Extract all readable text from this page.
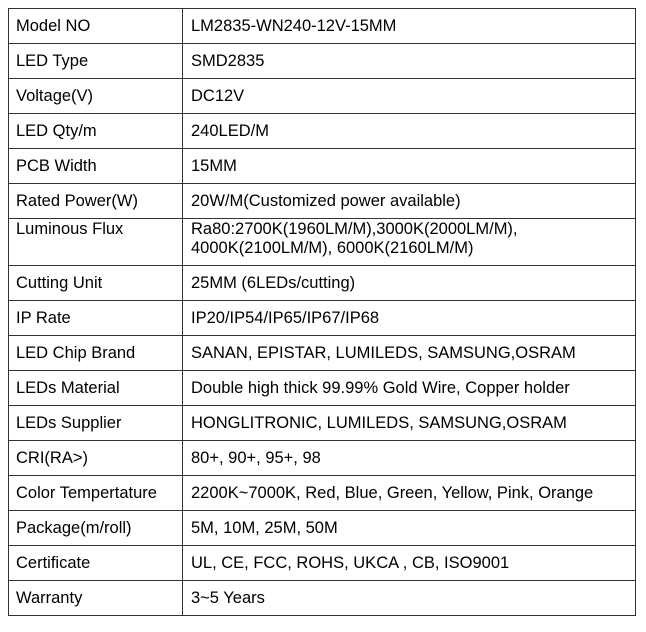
Model NO	LM2835-WN240-12V-15MM
LED Type	SMD2835
Voltage(V)	DC12V
LED Qty/m	240LED/M
PCB Width	15MM
Rated Power(W)	20W/M(Customized power available)
Luminous Flux	Ra80:2700K(1960LM/M),3000K(2000LM/M),
4000K(2100LM/M), 6000K(2160LM/M)

Cutting Unit	25MM (6LEDs/cutting)
IP Rate	IP20/IP54/IP65/IP67/IP68
LED Chip Brand	SANAN, EPISTAR, LUMILEDS, SAMSUNG,OSRAM
LEDs Material	Double high thick 99.99% Gold Wire, Copper holder
LEDs Supplier	HONGLITRONIC, LUMILEDS, SAMSUNG,OSRAM
CRI(RA>)	80+, 90+, 95+, 98
Color Tempertature	2200K~7000K, Red, Blue, Green, Yellow, Pink, Orange
Package(m/roll)	5M, 10M, 25M, 50M
Certificate	UL, CE, FCC, ROHS, UKCA , CB, ISO9001
Warranty	3~5 Years
